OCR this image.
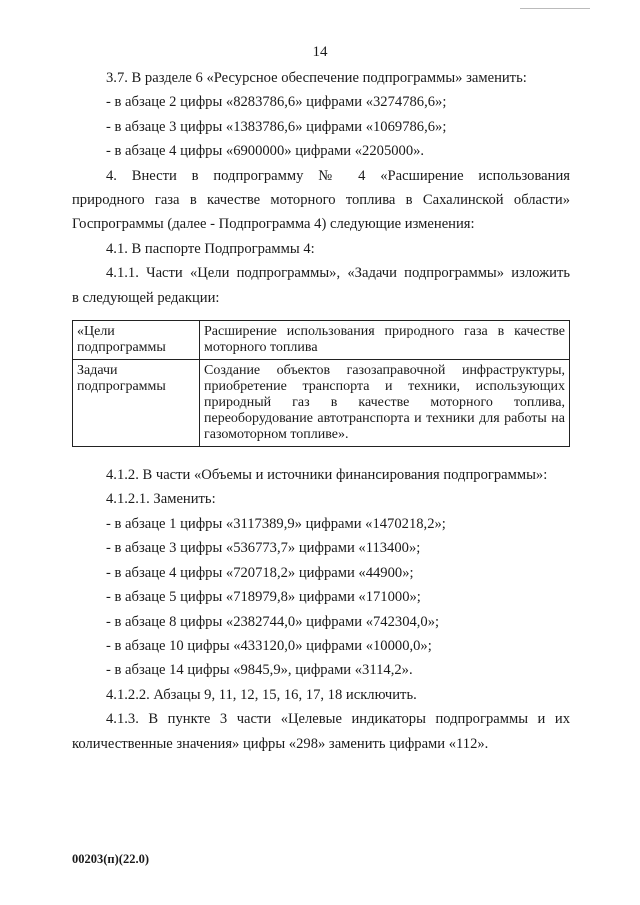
14

3.7. В разделе 6 «Ресурсное обеспечение подпрограммы» заменить:

- в абзаце 2 цифры «8283786,6» цифрами «3274786,6»;

- в абзаце 3 цифры «1383786,6» цифрами «1069786,6»;

- в абзаце 4 цифры «6900000» цифрами «2205000».

4. Внести в подпрограмму № 4 «Расширение использования

природного газа в качестве моторного топлива в Сахалинской области»

Госпрограммы (далее - Подпрограмма 4) следующие изменения:

4.1. В паспорте Подпрограммы 4:

4.1.1. Части «Цели подпрограммы», «Задачи подпрограммы» изложить

в следующей редакции:

«Цели подпрограммы	Расширение использования природного газа в качестве моторного топлива
Задачи подпрограммы	Создание объектов газозаправочной инфраструктуры, приобретение транспорта и техники, использующих природный газ в качестве моторного топлива, переоборудование автотранспорта и техники для работы на газомоторном топливе».

4.1.2. В части «Объемы и источники финансирования подпрограммы»:

4.1.2.1. Заменить:

- в абзаце 1 цифры «3117389,9» цифрами «1470218,2»;

- в абзаце 3 цифры «536773,7» цифрами «113400»;

- в абзаце 4 цифры «720718,2» цифрами «44900»;

- в абзаце 5 цифры «718979,8» цифрами «171000»;

- в абзаце 8 цифры «2382744,0» цифрами «742304,0»;

- в абзаце 10 цифры «433120,0» цифрами «10000,0»;

- в абзаце 14 цифры «9845,9», цифрами «3114,2».

4.1.2.2. Абзацы 9, 11, 12, 15, 16, 17, 18 исключить.

4.1.3. В пункте 3 части «Целевые индикаторы подпрограммы и их

количественные значения» цифры «298» заменить цифрами «112».

00203(п)(22.0)
